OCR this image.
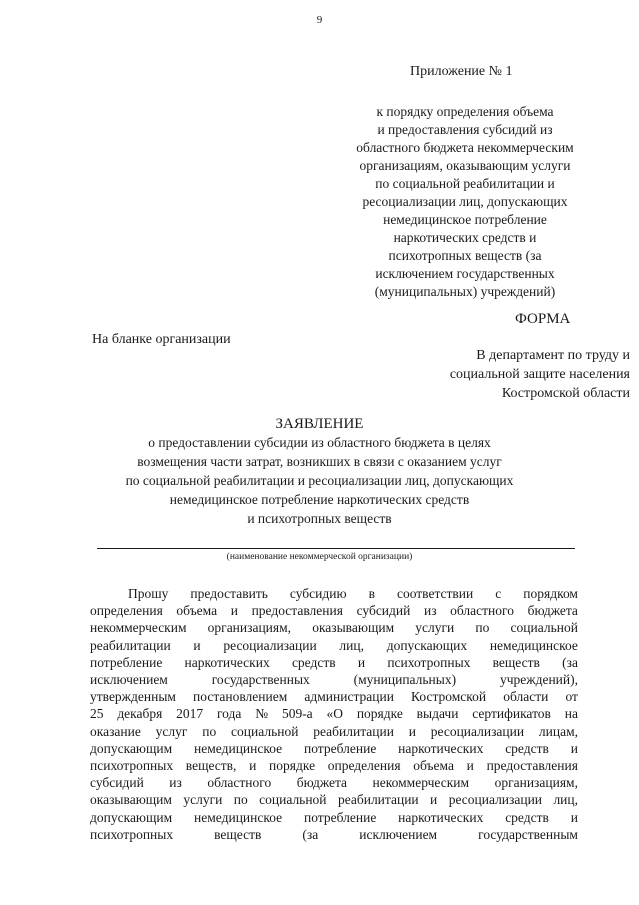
9
Приложение № 1
к порядку определения объема
и предоставления субсидий из
областного бюджета некоммерческим
организациям, оказывающим услуги
по социальной реабилитации и
ресоциализации лиц, допускающих
немедицинское потребление
наркотических средств и
психотропных веществ (за
исключением государственных
(муниципальных) учреждений)
ФОРМА
На бланке организации
В департамент по труду и
социальной защите населения
Костромской области
ЗАЯВЛЕНИЕ
о предоставлении субсидии из областного бюджета в целях
возмещения части затрат, возникших в связи с оказанием услуг
по социальной реабилитации и ресоциализации лиц, допускающих
немедицинское потребление наркотических средств
и психотропных веществ
(наименование некоммерческой организации)
Прошу предоставить субсидию в соответствии с порядком
определения объема и предоставления субсидий из областного бюджета
некоммерческим организациям, оказывающим услуги по социальной
реабилитации и ресоциализации лиц, допускающих немедицинское
потребление наркотических средств и психотропных веществ (за
исключением	государственных	(муниципальных)	учреждений),
утвержденным постановлением администрации Костромской области от
25 декабря 2017 года № 509-а «О порядке выдачи сертификатов на
оказание услуг по социальной реабилитации и ресоциализации лицам,
допускающим немедицинское потребление наркотических средств и
психотропных веществ, и порядке определения объема и предоставления
субсидий из областного бюджета некоммерческим организациям,
оказывающим услуги по социальной реабилитации и ресоциализации лиц,
допускающим немедицинское потребление наркотических средств и
психотропных	веществ	(за	исключением	государственным
